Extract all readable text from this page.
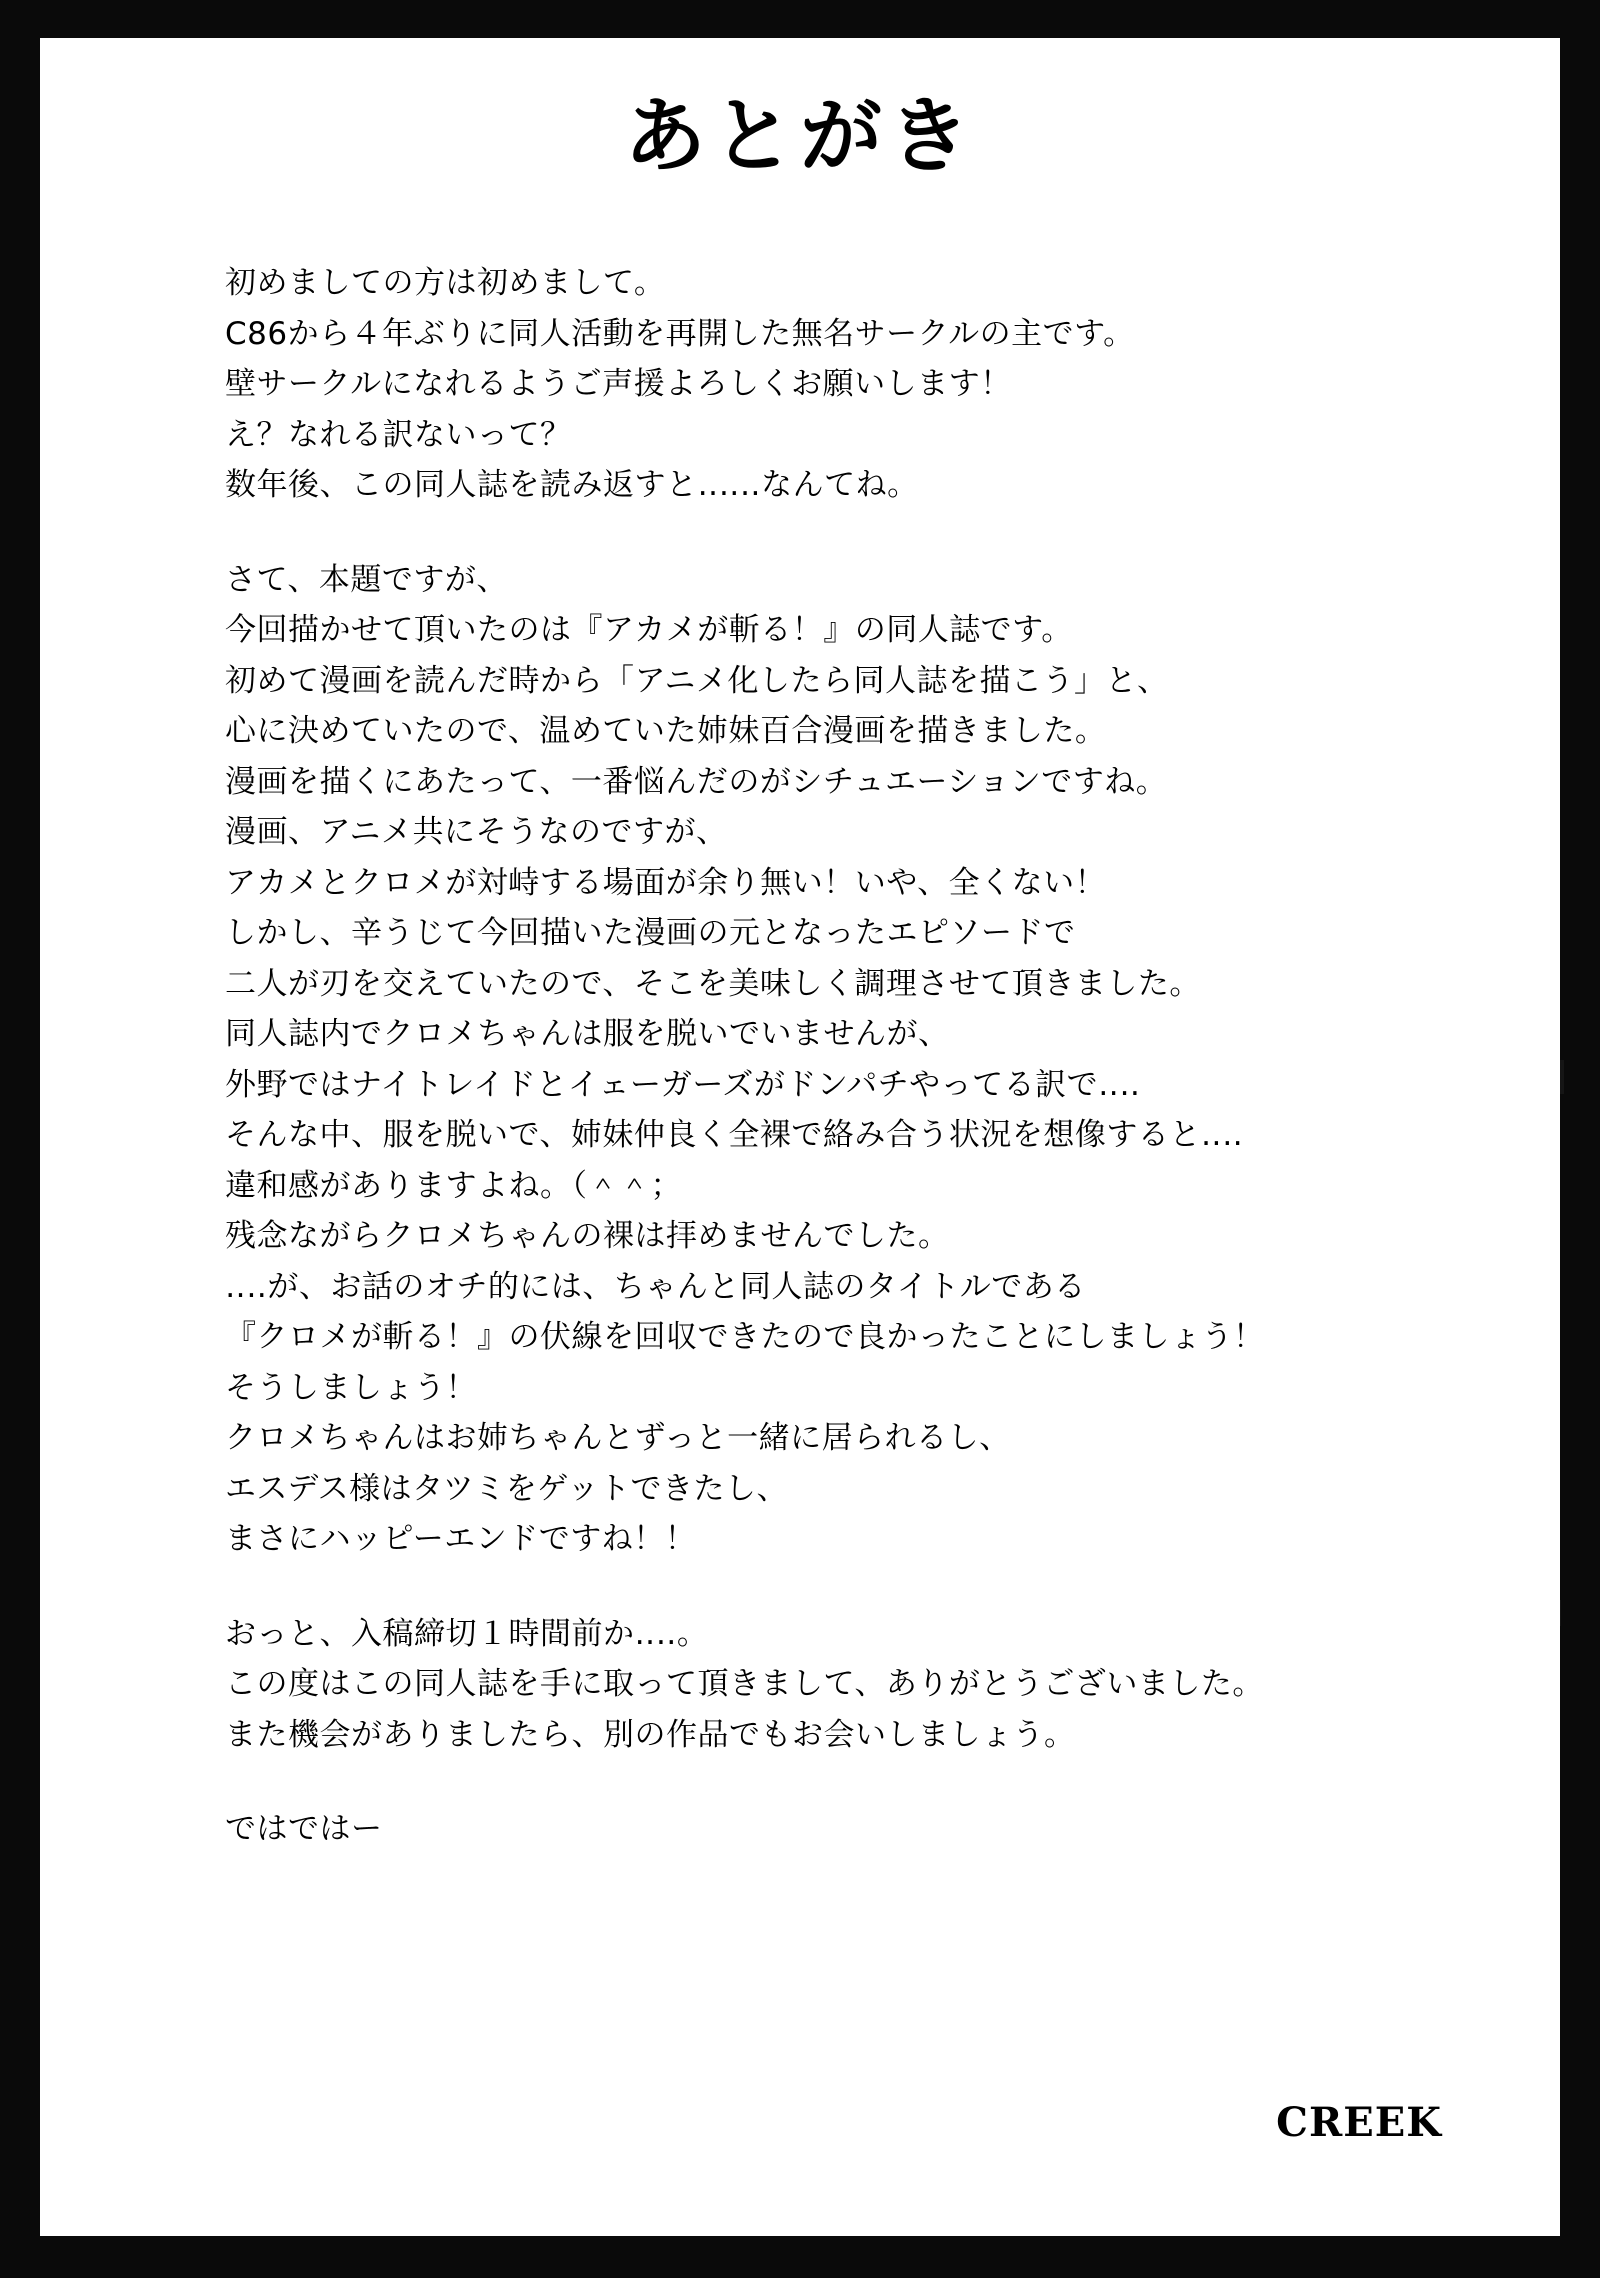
あとがき
初めましての方は初めまして。
C86から４年ぶりに同人活動を再開した無名サークルの主です。
壁サークルになれるようご声援よろしくお願いします！
え？なれる訳ないって？
数年後、この同人誌を読み返すと‥‥‥なんてね。
さて、本題ですが、
今回描かせて頂いたのは『アカメが斬る！』の同人誌です。
初めて漫画を読んだ時から「アニメ化したら同人誌を描こう」と、
心に決めていたので、温めていた姉妹百合漫画を描きました。
漫画を描くにあたって、一番悩んだのがシチュエーションですね。
漫画、アニメ共にそうなのですが、
アカメとクロメが対峙する場面が余り無い！いや、全くない！
しかし、辛うじて今回描いた漫画の元となったエピソードで
二人が刃を交えていたので、そこを美味しく調理させて頂きました。
同人誌内でクロメちゃんは服を脱いでいませんが、
外野ではナイトレイドとイェーガーズがドンパチやってる訳で‥‥
そんな中、服を脱いで、姉妹仲良く全裸で絡み合う状況を想像すると‥‥
違和感がありますよね。（＾＾；
残念ながらクロメちゃんの裸は拝めませんでした。
‥‥が、お話のオチ的には、ちゃんと同人誌のタイトルである
『クロメが斬る！』の伏線を回収できたので良かったことにしましょう！
そうしましょう！
クロメちゃんはお姉ちゃんとずっと一緒に居られるし、
エスデス様はタツミをゲットできたし、
まさにハッピーエンドですね！！
おっと、入稿締切１時間前か‥‥。
この度はこの同人誌を手に取って頂きまして、ありがとうございました。
また機会がありましたら、別の作品でもお会いしましょう。
ではではー
CREEK
